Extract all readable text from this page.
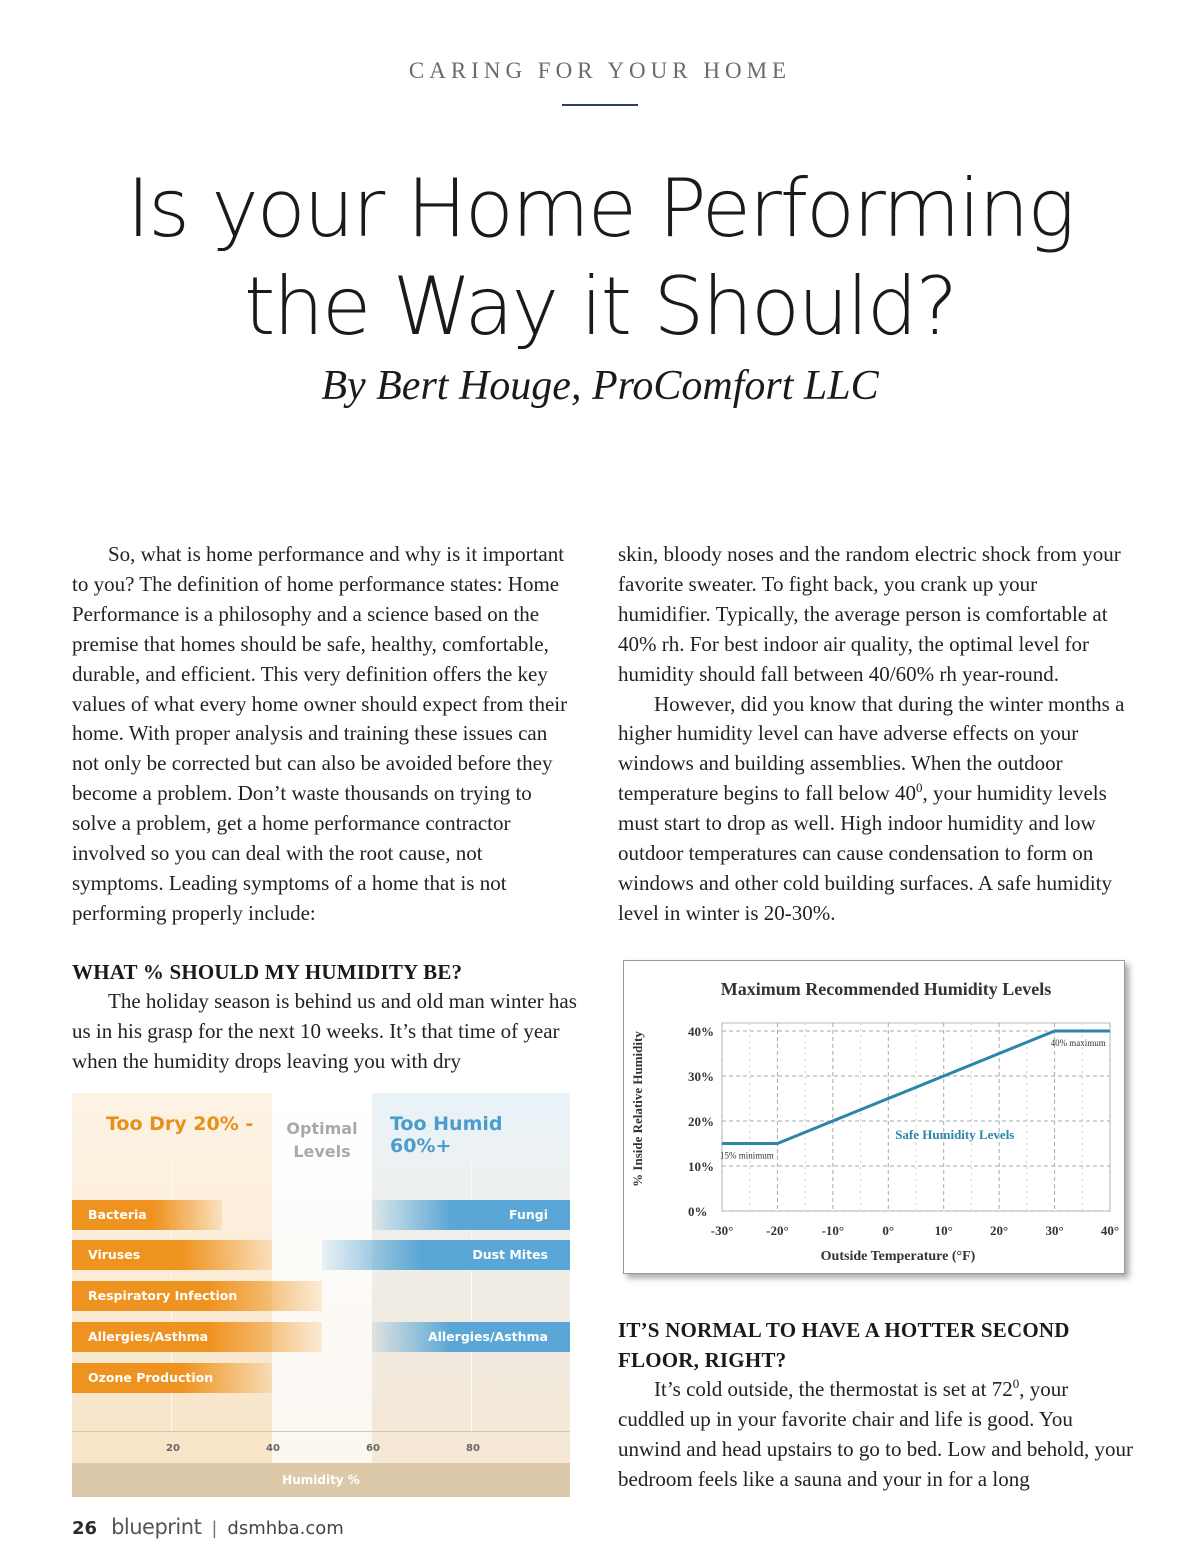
CARING FOR YOUR HOME
Is your Home Performing
the Way it Should?
By Bert Houge, ProComfort LLC

So, what is home performance and why is it important to you? The definition of home performance states: Home Performance is a philosophy and a science based on the premise that homes should be safe, healthy, comfortable, durable, and efficient. This very definition offers the key values of what every home owner should expect from their home. With proper analysis and training these issues can not only be corrected but can also be avoided before they become a problem. Don’t waste thousands on trying to solve a problem, get a home performance contractor involved so you can deal with the root cause, not symptoms. Leading symptoms of a home that is not performing properly include:

WHAT % SHOULD MY HUMIDITY BE?

The holiday season is behind us and old man winter has us in his grasp for the next 10 weeks. It’s that time of year when the humidity drops leaving you with dry

skin, bloody noses and the random electric shock from your favorite sweater. To fight back, you crank up your humidifier. Typically, the average person is comfortable at 40% rh. For best indoor air quality, the optimal level for humidity should fall between 40/60% rh year-round.

However, did you know that during the winter months a higher humidity level can have adverse effects on your windows and building assemblies. When the outdoor temperature begins to fall below $40^0$, your humidity levels must start to drop as well. High indoor humidity and low outdoor temperatures can cause condensation to form on windows and other cold building surfaces. A safe humidity level in winter is 20-30%.

IT’S NORMAL TO HAVE A HOTTER SECOND FLOOR, RIGHT?

It’s cold outside, the thermostat is set at $72^0$, your cuddled up in your favorite chair and life is good. You unwind and head upstairs to go to bed. Low and behold, your bedroom feels like a sauna and your in for a long

Too Dry 20% -	Optimal
Levels
Too Humid 60%+
Bacteria
Viruses
Respiratory Infection
Allergies/Asthma
Ozone Production
Fungi
Dust Mites
Allergies/Asthma
20	40	60	80
Humidity %
Maximum Recommended Humidity Levels
% Inside Relative Humidity
Outside Temperature (°F)
-30°	-20°	-10°	0°	10°	20°	30°	40°
0%
10%
20%
30%
40%
15% minimum
40% maximum
Safe Humidity Levels
26 blueprint | dsmhba.com
